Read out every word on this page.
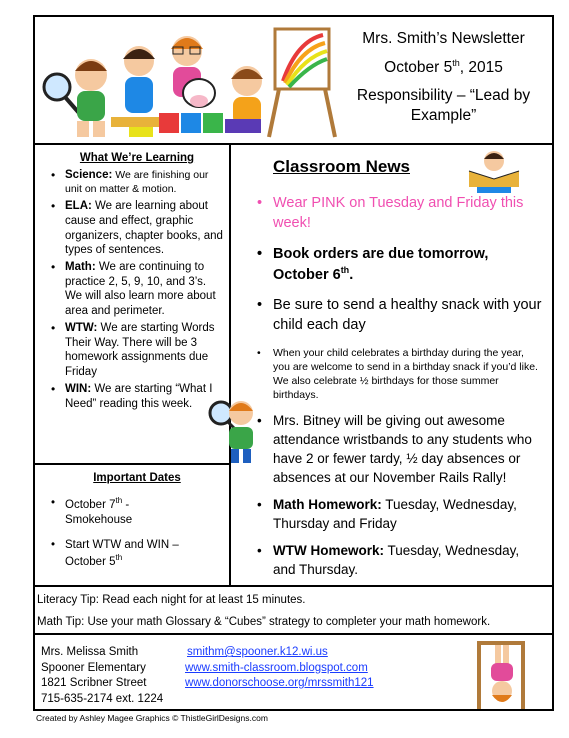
Mrs. Smith’s Newsletter
October 5th, 2015
Responsibility – “Lead by Example”
What We’re Learning
• Science: We are finishing our unit on matter & motion.
• ELA: We are learning about cause and effect, graphic organizers, chapter books, and types of sentences.
• Math: We are continuing to practice 2, 5, 9, 10, and 3’s. We will also learn more about area and perimeter.
• WTW: We are starting Words Their Way. There will be 3 homework assignments due Friday
• WIN: We are starting “What I Need” reading this week.
Important Dates
• October 7th - Smokehouse
• Start WTW and WIN – October 5th
Classroom News
• Wear PINK on Tuesday and Friday this week!
• Book orders are due tomorrow, October 6th.
• Be sure to send a healthy snack with your child each day
• When your child celebrates a birthday during the year, you are welcome to send in a birthday snack if you’d like. We also celebrate ½ birthdays for those summer birthdays.
• Mrs. Bitney will be giving out awesome attendance wristbands to any students who have 2 or fewer tardy, ½ day absences or absences at our November Rails Rally!
• Math Homework: Tuesday, Wednesday, Thursday and Friday
• WTW Homework: Tuesday, Wednesday, and Thursday.
Literacy Tip: Read each night for at least 15 minutes.
Math Tip: Use your math Glossary & “Cubes” strategy to completer your math homework.
Mrs. Melissa Smith
Spooner Elementary
1821 Scribner Street
715-635-2174 ext. 1224
smithm@spooner.k12.wi.us
www.smith-classroom.blogspot.com
www.donorschoose.org/mrssmith121
Created by Ashley Magee Graphics © ThistleGirlDesigns.com
